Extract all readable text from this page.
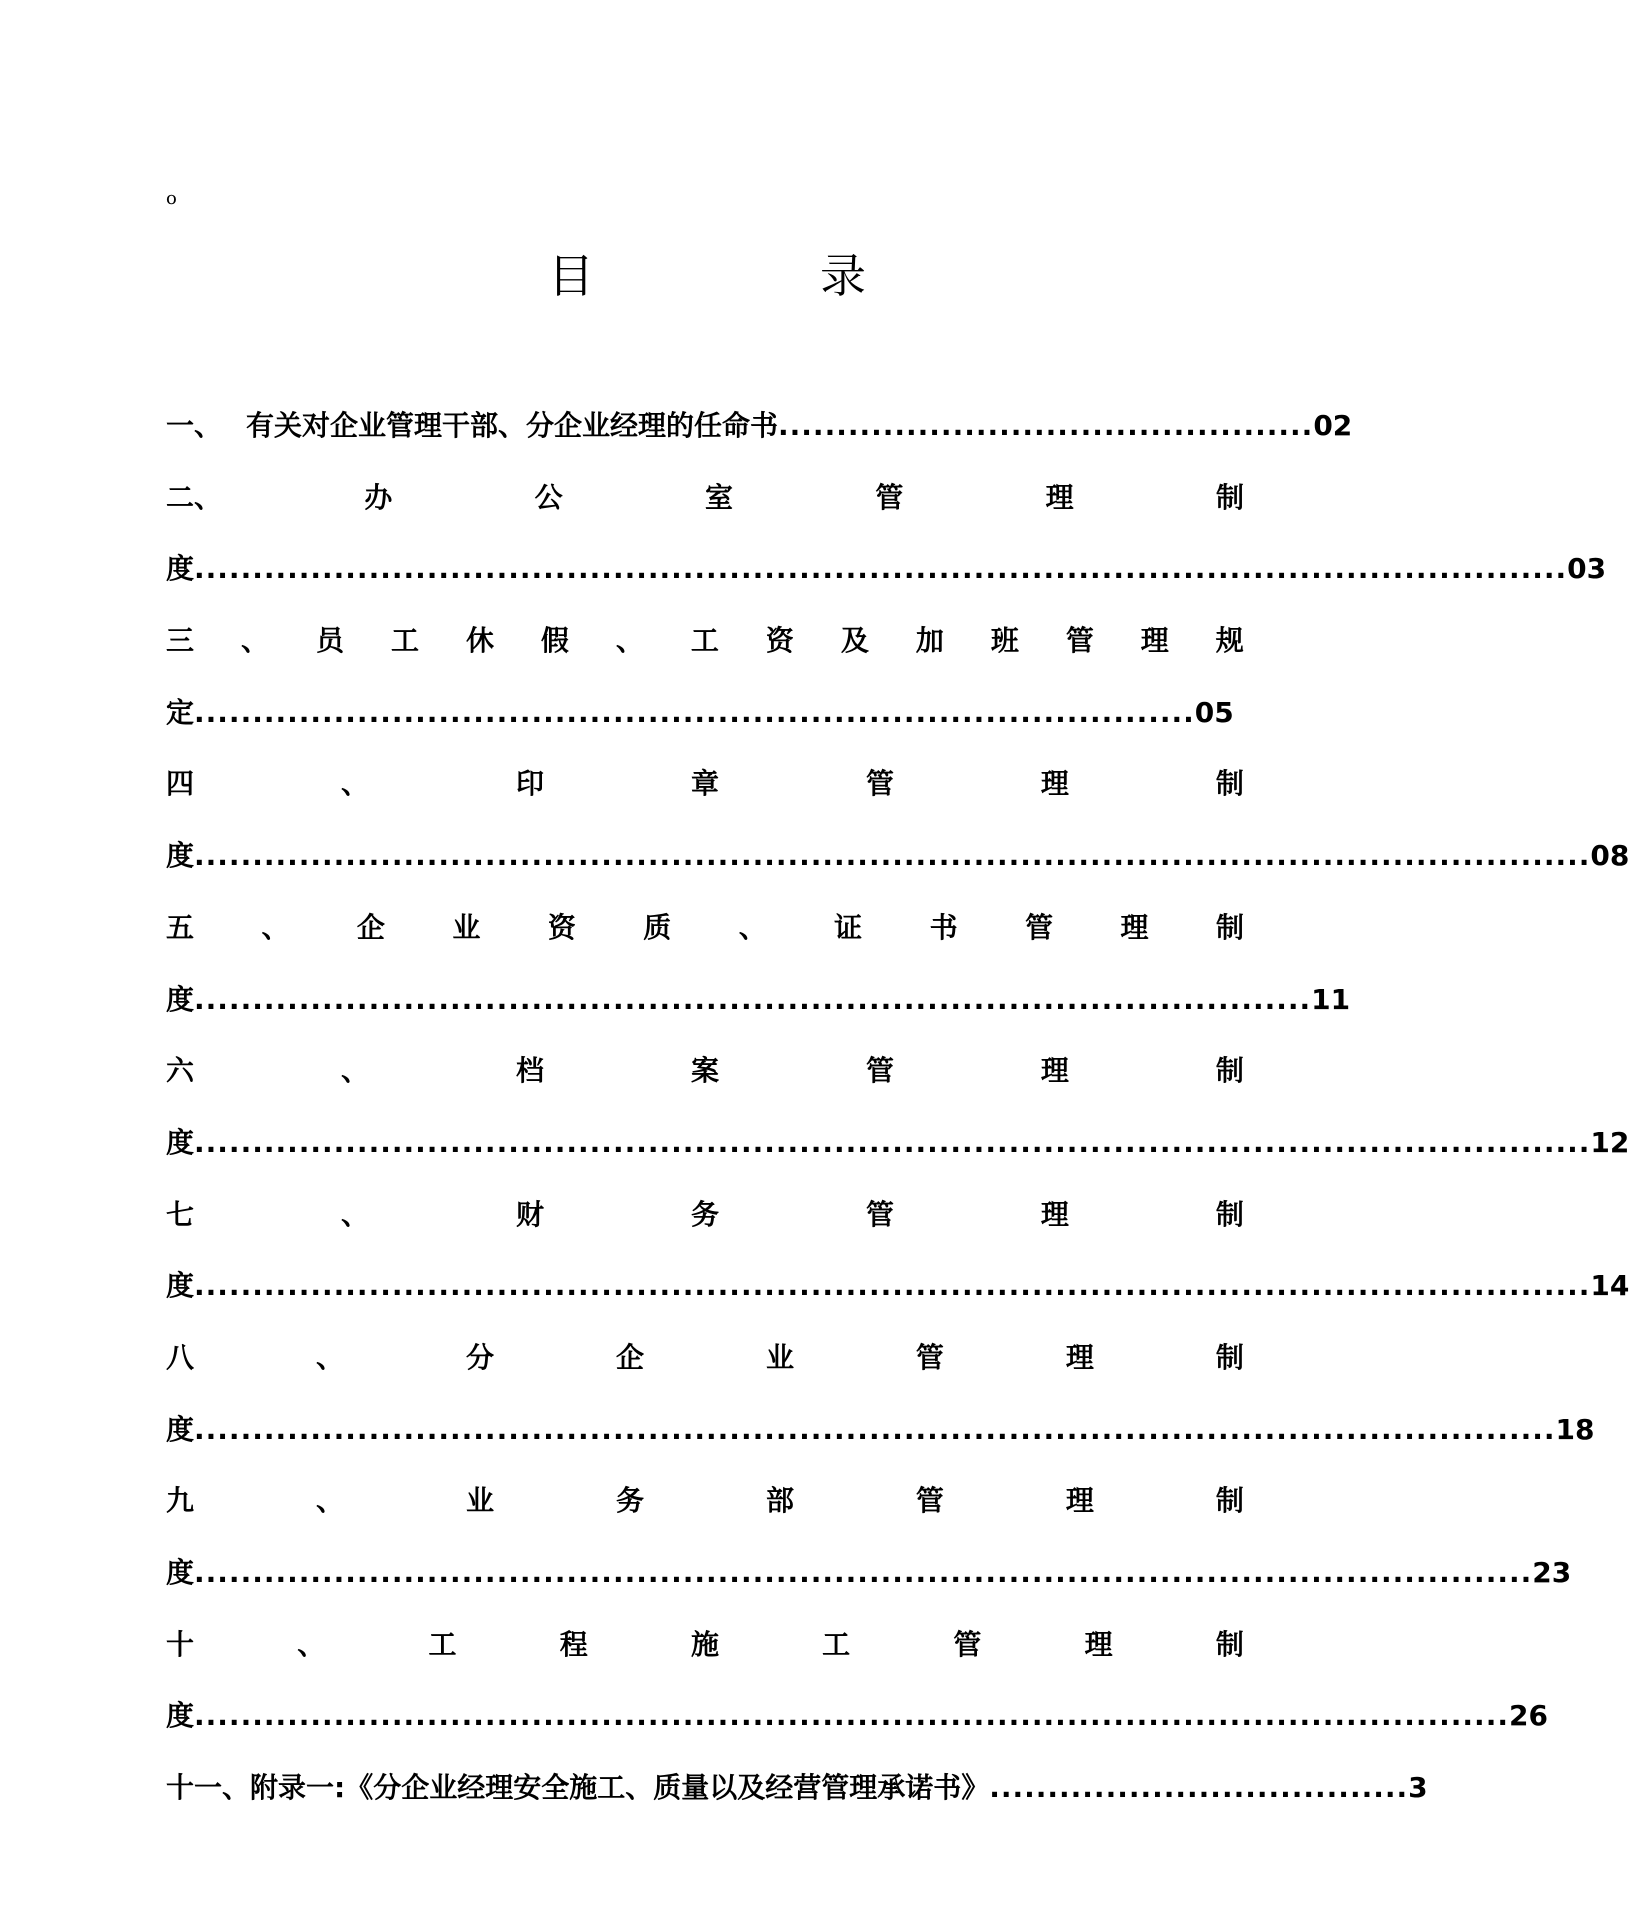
o
目	录
一、 有关对企业管理干部、分企业经理的任命书 .............................................. 02
二、	办	公	室	管	理	制
度 ...................................................................................................................... 03
三 、 员 工 休 假 、 工 资 及 加 班 管 理 规
定 ...................................................................................... 05
四	、	印	章	管	理	制
度 ........................................................................................................................ 08
五 、 企 业 资 质 、 证 书 管 理 制
度 ................................................................................................ 11
六	、	档	案	管	理	制
度 ........................................................................................................................ 12
七	、	财	务	管	理	制
度 ........................................................................................................................ 14
八	、	分	企	业	管	理	制
度 ..................................................................................................................... 18
九	、	业	务	部	管	理	制
度 ................................................................................................................... 23
十	、	工	程	施	工	管	理	制
度 ................................................................................................................. 26
十一、附录一:《分企业经理安全施工、质量以及经营管理承诺书》 .................................... 3
